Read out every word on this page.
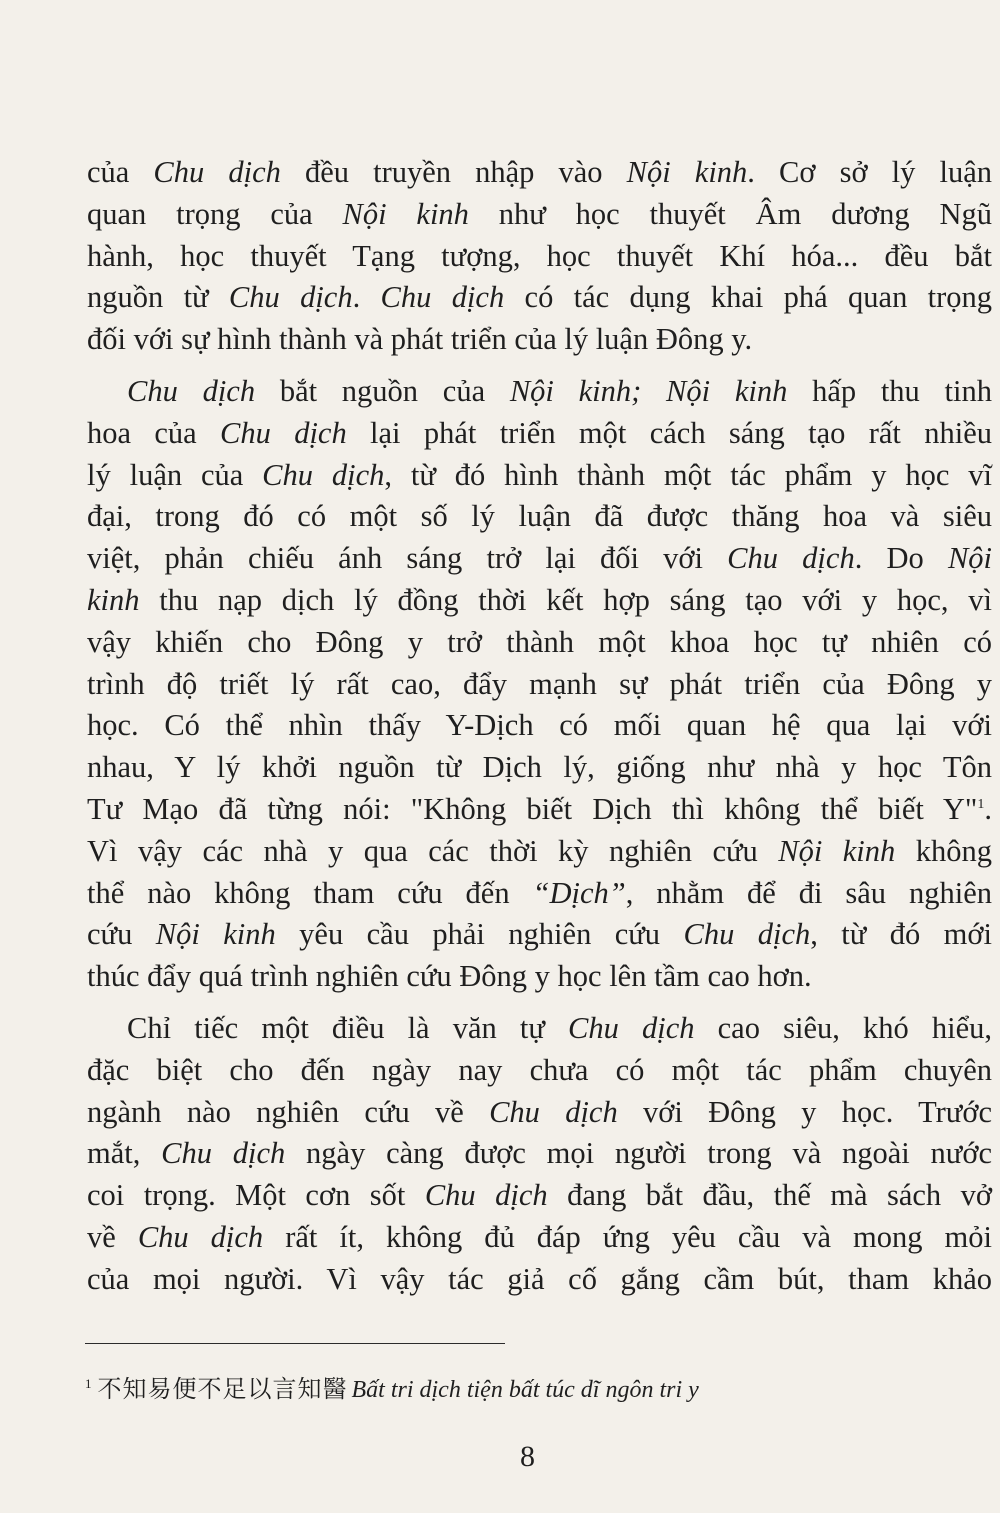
của Chu dịch đều truyền nhập vào Nội kinh. Cơ sở lý luận
quan trọng của Nội kinh như học thuyết Âm dương Ngũ
hành, học thuyết Tạng tượng, học thuyết Khí hóa... đều bắt
nguồn từ Chu dịch. Chu dịch có tác dụng khai phá quan trọng
đối với sự hình thành và phát triển của lý luận Đông y.
Chu dịch bắt nguồn của Nội kinh; Nội kinh hấp thu tinh
hoa của Chu dịch lại phát triển một cách sáng tạo rất nhiều
lý luận của Chu dịch, từ đó hình thành một tác phẩm y học vĩ
đại, trong đó có một số lý luận đã được thăng hoa và siêu
việt, phản chiếu ánh sáng trở lại đối với Chu dịch. Do Nội
kinh thu nạp dịch lý đồng thời kết hợp sáng tạo với y học, vì
vậy khiến cho Đông y trở thành một khoa học tự nhiên có
trình độ triết lý rất cao, đẩy mạnh sự phát triển của Đông y
học. Có thể nhìn thấy Y-Dịch có mối quan hệ qua lại với
nhau, Y lý khởi nguồn từ Dịch lý, giống như nhà y học Tôn
Tư Mạo đã từng nói: "Không biết Dịch thì không thể biết Y"$^1$.
Vì vậy các nhà y qua các thời kỳ nghiên cứu Nội kinh không
thể nào không tham cứu đến “Dịch”, nhằm để đi sâu nghiên
cứu Nội kinh yêu cầu phải nghiên cứu Chu dịch, từ đó mới
thúc đẩy quá trình nghiên cứu Đông y học lên tầm cao hơn.
Chỉ tiếc một điều là văn tự Chu dịch cao siêu, khó hiểu,
đặc biệt cho đến ngày nay chưa có một tác phẩm chuyên
ngành nào nghiên cứu về Chu dịch với Đông y học. Trước
mắt, Chu dịch ngày càng được mọi người trong và ngoài nước
coi trọng. Một cơn sốt Chu dịch đang bắt đầu, thế mà sách vở
về Chu dịch rất ít, không đủ đáp ứng yêu cầu và mong mỏi
của mọi người. Vì vậy tác giả cố gắng cầm bút, tham khảo
$^1$ 不知易便不足以言知醫 Bất tri dịch tiện bất túc dĩ ngôn tri y
8
